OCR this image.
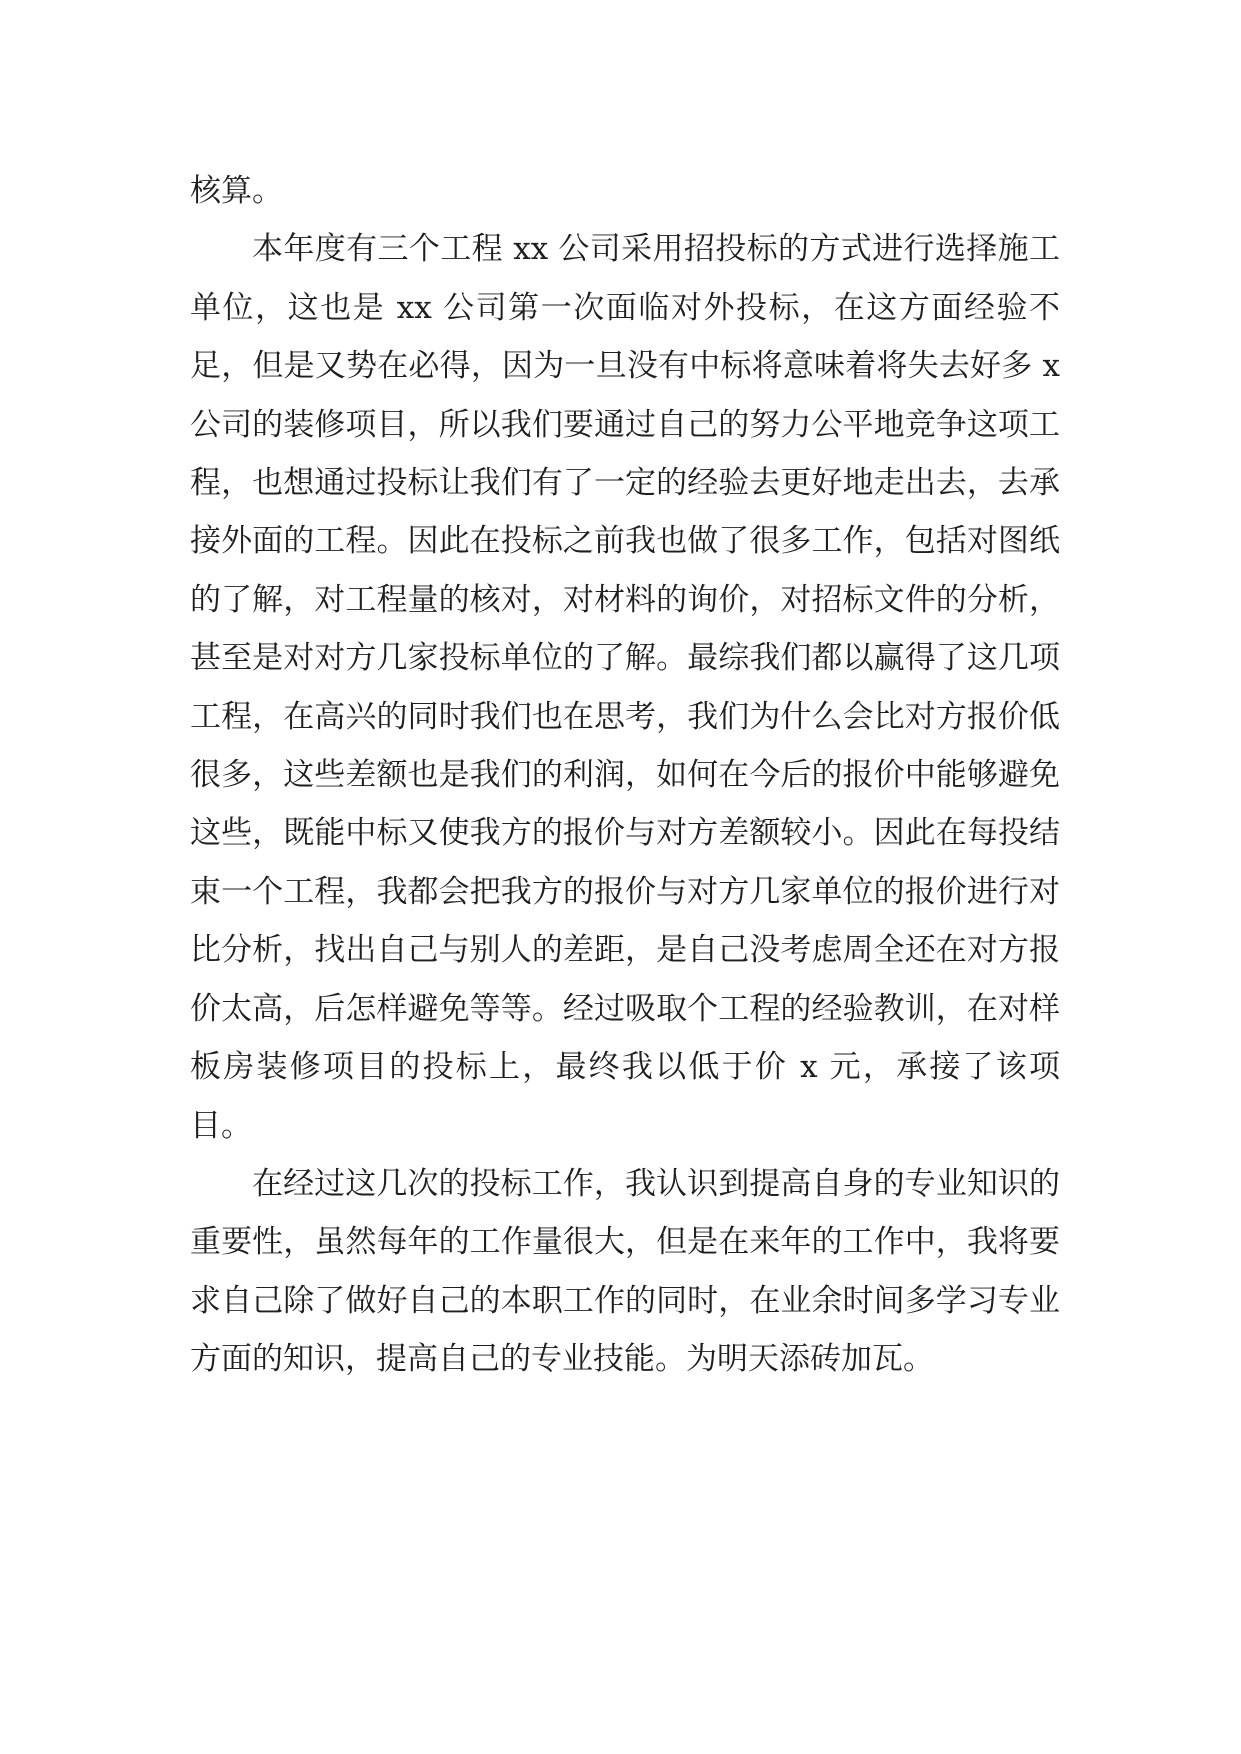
核算。

本年度有三个工程 xx 公司采用招投标的方式进行选择施工单位，这也是 xx 公司第一次面临对外投标，在这方面经验不足，但是又势在必得，因为一旦没有中标将意味着将失去好多 x 公司的装修项目，所以我们要通过自己的努力公平地竞争这项工程，也想通过投标让我们有了一定的经验去更好地走出去，去承接外面的工程。因此在投标之前我也做了很多工作，包括对图纸的了解，对工程量的核对，对材料的询价，对招标文件的分析，甚至是对对方几家投标单位的了解。最综我们都以赢得了这几项工程，在高兴的同时我们也在思考，我们为什么会比对方报价低很多，这些差额也是我们的利润，如何在今后的报价中能够避免这些，既能中标又使我方的报价与对方差额较小。因此在每投结束一个工程，我都会把我方的报价与对方几家单位的报价进行对比分析，找出自己与别人的差距，是自己没考虑周全还在对方报价太高，后怎样避免等等。经过吸取个工程的经验教训，在对样板房装修项目的投标上，最终我以低于价 x 元，承接了该项目。

在经过这几次的投标工作，我认识到提高自身的专业知识的重要性，虽然每年的工作量很大，但是在来年的工作中，我将要求自己除了做好自己的本职工作的同时，在业余时间多学习专业方面的知识，提高自己的专业技能。为明天添砖加瓦。
